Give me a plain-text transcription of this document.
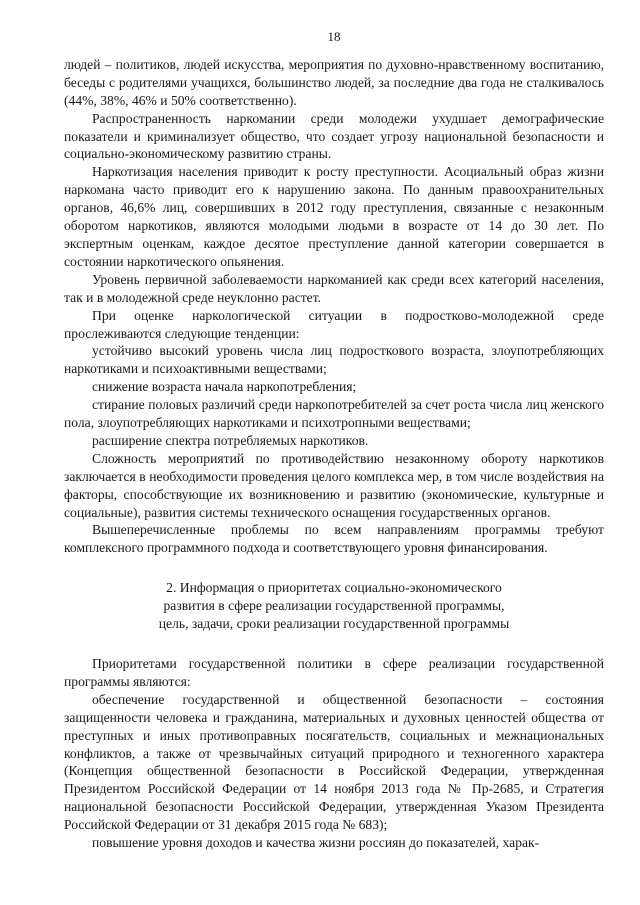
18

людей – политиков, людей искусства, мероприятия по духовно-нравственному воспитанию, беседы с родителями учащихся, большинство людей, за последние два года не сталкивалось (44%, 38%, 46% и 50% соответственно).

Распространенность наркомании среди молодежи ухудшает демографические показатели и криминализует общество, что создает угрозу национальной безопасности и социально-экономическому развитию страны.

Наркотизация населения приводит к росту преступности. Асоциальный образ жизни наркомана часто приводит его к нарушению закона. По данным правоохранительных органов, 46,6% лиц, совершивших в 2012 году преступления, связанные с незаконным оборотом наркотиков, являются молодыми людьми в возрасте от 14 до 30 лет. По экспертным оценкам, каждое десятое преступление данной категории совершается в состоянии наркотического опьянения.

Уровень первичной заболеваемости наркоманией как среди всех категорий населения, так и в молодежной среде неуклонно растет.

При оценке наркологической ситуации в подростково-молодежной среде прослеживаются следующие тенденции:

устойчиво высокий уровень числа лиц подросткового возраста, злоупотребляющих наркотиками и психоактивными веществами;

снижение возраста начала наркопотребления;

стирание половых различий среди наркопотребителей за счет роста числа лиц женского пола, злоупотребляющих наркотиками и психотропными веществами;

расширение спектра потребляемых наркотиков.

Сложность мероприятий по противодействию незаконному обороту наркотиков заключается в необходимости проведения целого комплекса мер, в том числе воздействия на факторы, способствующие их возникновению и развитию (экономические, культурные и социальные), развития системы технического оснащения государственных органов.

Вышеперечисленные проблемы по всем направлениям программы требуют комплексного программного подхода и соответствующего уровня финансирования.

2. Информация о приоритетах социально-экономического
развития в сфере реализации государственной программы,
цель, задачи, сроки реализации государственной программы

Приоритетами государственной политики в сфере реализации государственной программы являются:

обеспечение государственной и общественной безопасности – состояния защищенности человека и гражданина, материальных и духовных ценностей общества от преступных и иных противоправных посягательств, социальных и межнациональных конфликтов, а также от чрезвычайных ситуаций природного и техногенного характера (Концепция общественной безопасности в Российской Федерации, утвержденная Президентом Российской Федерации от 14 ноября 2013 года № Пр-2685, и Стратегия национальной безопасности Российской Федерации, утвержденная Указом Президента Российской Федерации от 31 декабря 2015 года № 683);

повышение уровня доходов и качества жизни россиян до показателей, харак-
